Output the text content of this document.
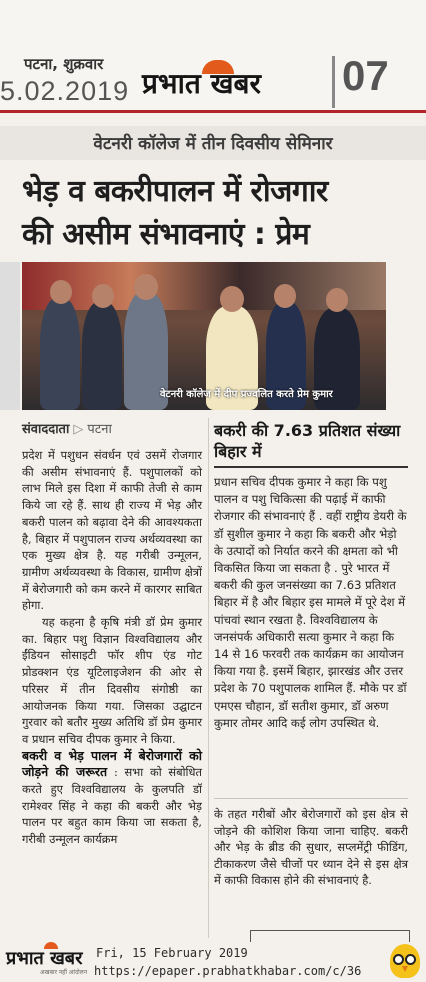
पटना, शुक्रवार
5.02.2019 प्रभात खबर 07
वेटनरी कॉलेज में तीन दिवसीय सेमिनार
भेड़ व बकरीपालन में रोजगार
की असीम संभावनाएं : प्रेम
वेटनरी कॉलेज में दीप प्रज्वलित करते प्रेम कुमार
संवाददाता ▷ पटना

प्रदेश में पशुधन संवर्धन एवं उसमें रोजगार की असीम संभावनाएं हैं. पशुपालकों को लाभ मिले इस दिशा में काफी तेजी से काम किये जा रहे हैं. साथ ही राज्य में भेड़ और बकरी पालन को बढ़ावा देने की आवश्यकता है, बिहार में पशुपालन राज्य अर्थव्यवस्था का एक मुख्य क्षेत्र है. यह गरीबी उन्मूलन, ग्रामीण अर्थव्यवस्था के विकास, ग्रामीण क्षेत्रों में बेरोजगारी को कम करने में कारगर साबित होगा.

यह कहना है कृषि मंत्री डॉ प्रेम कुमार का. बिहार पशु विज्ञान विश्वविद्यालय और ईंडियन सोसाइटी फॉर शीप एंड गोट प्रोडक्शन एंड यूटिलाइजेशन की ओर से परिसर में तीन दिवसीय संगोष्ठी का आयोजनक किया गया. जिसका उद्घाटन गुरवार को बतौर मुख्य अतिथि डॉ प्रेम कुमार व प्रधान सचिव दीपक कुमार ने किया.

बकरी व भेड़ पालन में बेरोजगारों को जोड़ने की जरूरत : सभा को संबोधित करते हुए विश्वविद्यालय के कुलपति डॉ रामेश्वर सिंह ने कहा की बकरी और भेड़ पालन पर बहुत काम किया जा सकता है, गरीबी उन्मूलन कार्यक्रम

बकरी की 7.63 प्रतिशत संख्या बिहार में
प्रधान सचिव दीपक कुमार ने कहा कि पशु पालन व पशु चिकित्सा की पढ़ाई में काफी रोजगार की संभावनाएं हैं . वहीं राष्ट्रीय डेयरी के डॉ सुशील कुमार ने कहा कि बकरी और भेड़ो के उत्पादों को निर्यात करने की क्षमता को भी विकसित किया जा सकता है . पुरे भारत में बकरी की कुल जनसंख्या का 7.63 प्रतिशत बिहार में है और बिहार इस मामले में पूरे देश में पांचवां स्थान रखता है. विश्वविद्यालय के जनसंपर्क अधिकारी सत्या कुमार ने कहा कि 14 से 16 फरवरी तक कार्यक्रम का आयोजन किया गया है. इसमें बिहार, झारखंड और उत्तर प्रदेश के 70 पशुपालक शामिल हैं. मौके पर डॉ एमएस चौहान, डॉ सतीश कुमार, डॉ अरुण कुमार तोमर आदि कई लोग उपस्थित थे.
के तहत गरीबों और बेरोजगारों को इस क्षेत्र से जोड़ने की कोशिश किया जाना चाहिए. बकरी और भेड़ के ब्रीड की सुधार, सप्लमेंट्री फीडिंग, टीकाकरण जैसे चीजों पर ध्यान देने से इस क्षेत्र में काफी विकास होने की संभावनाएं है.
प्रभात खबर
अखबार नहीं आंदोलन
Fri, 15 February 2019
https://epaper.prabhatkhabar.com/c/36
